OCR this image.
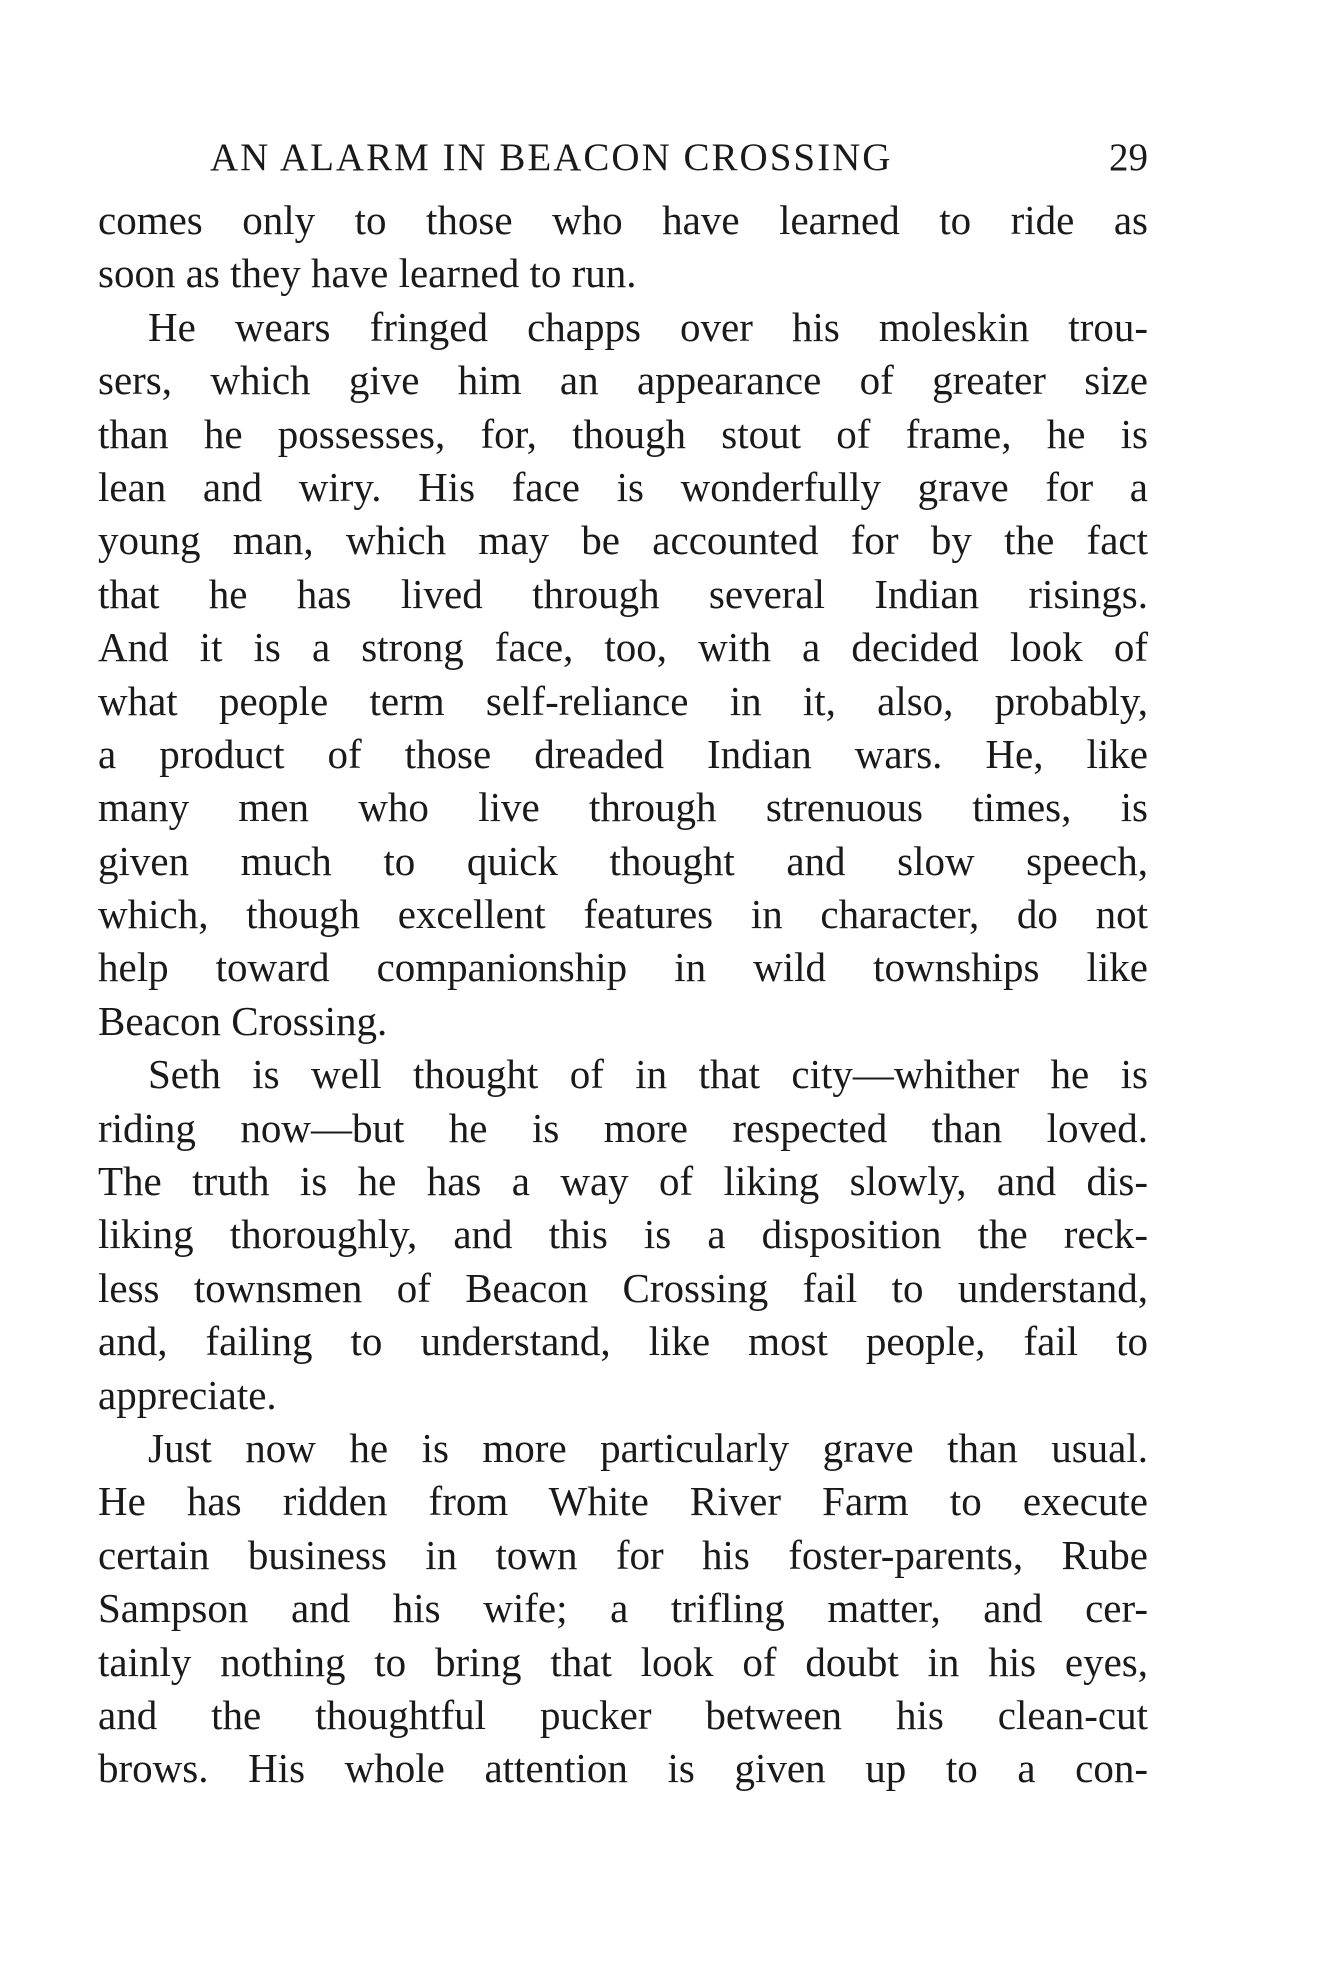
AN ALARM IN BEACON CROSSING	29
comes only to those who have learned to ride as
soon as they have learned to run.
He wears fringed chapps over his moleskin trou-
sers, which give him an appearance of greater size
than he possesses, for, though stout of frame, he is
lean and wiry. His face is wonderfully grave for a
young man, which may be accounted for by the fact
that he has lived through several Indian risings.
And it is a strong face, too, with a decided look of
what people term self-reliance in it, also, probably,
a product of those dreaded Indian wars. He, like
many men who live through strenuous times, is
given much to quick thought and slow speech,
which, though excellent features in character, do not
help toward companionship in wild townships like
Beacon Crossing.
Seth is well thought of in that city—whither he is
riding now—but he is more respected than loved.
The truth is he has a way of liking slowly, and dis-
liking thoroughly, and this is a disposition the reck-
less townsmen of Beacon Crossing fail to understand,
and, failing to understand, like most people, fail to
appreciate.
Just now he is more particularly grave than usual.
He has ridden from White River Farm to execute
certain business in town for his foster-parents, Rube
Sampson and his wife; a trifling matter, and cer-
tainly nothing to bring that look of doubt in his eyes,
and the thoughtful pucker between his clean-cut
brows. His whole attention is given up to a con-
